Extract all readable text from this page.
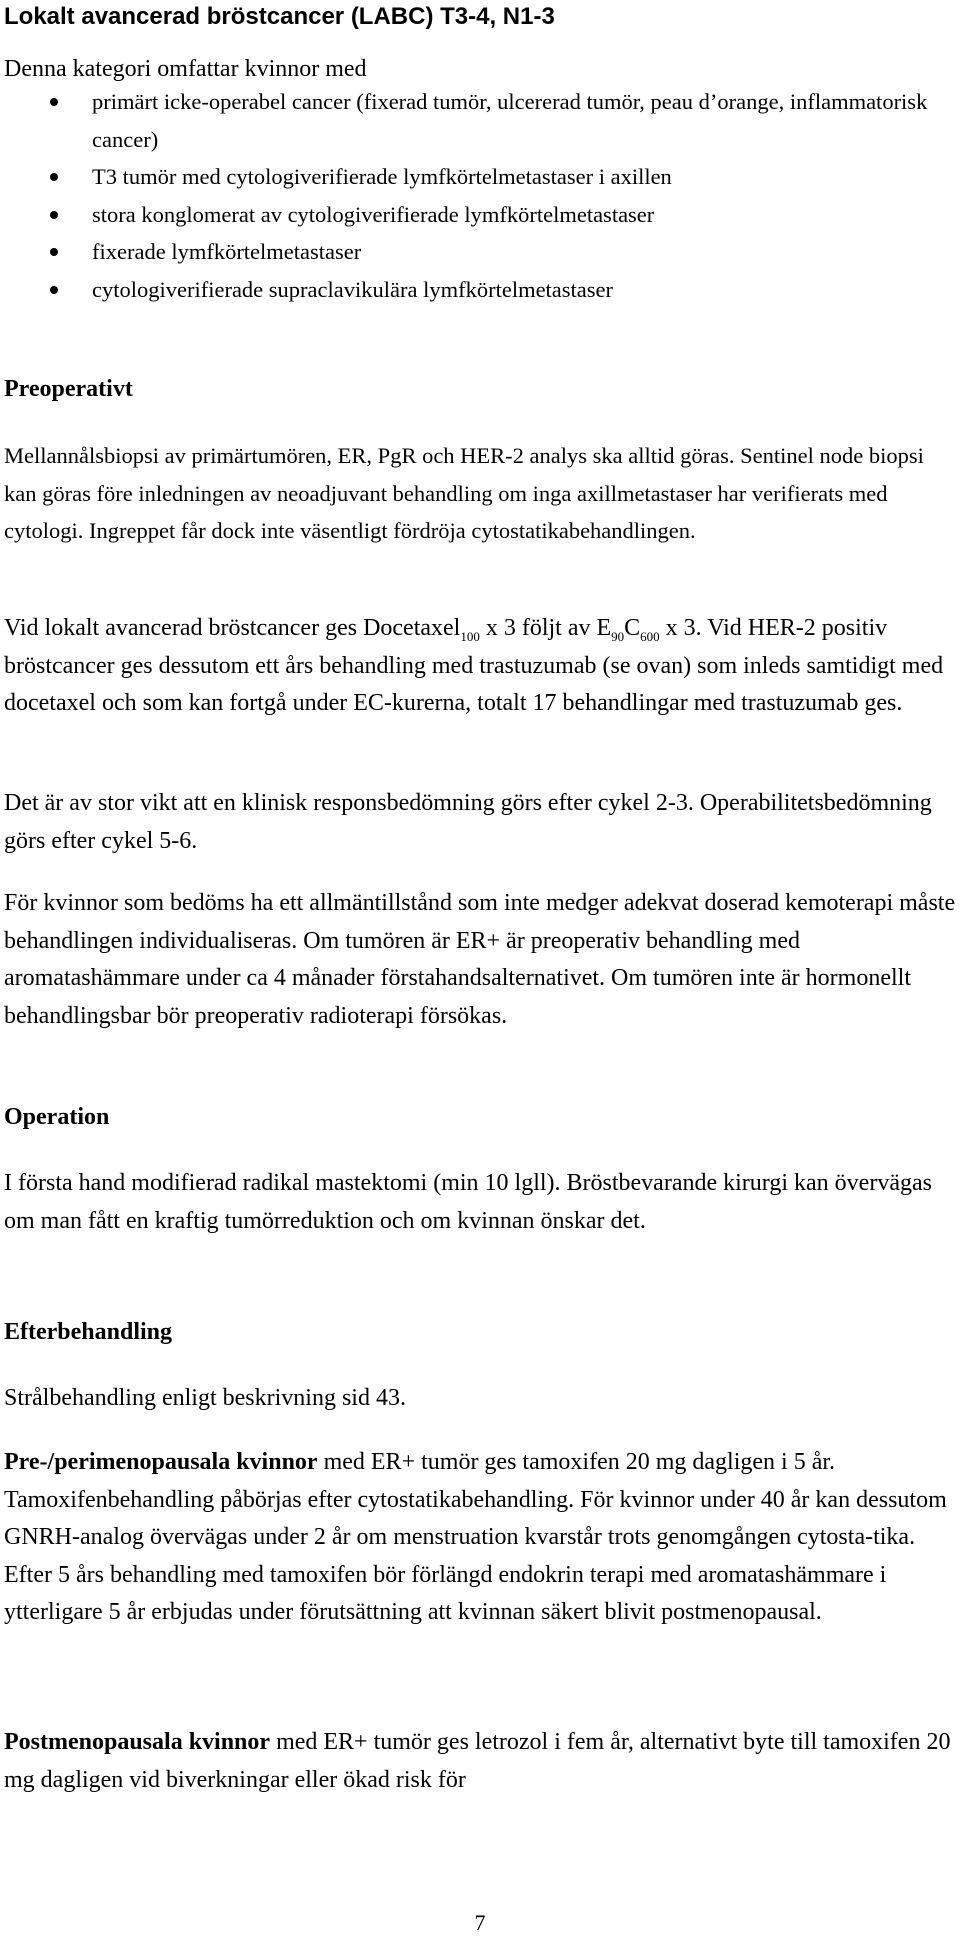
Lokalt avancerad bröstcancer (LABC) T3-4, N1-3
Denna kategori omfattar kvinnor med
primärt icke-operabel cancer (fixerad tumör, ulcererad tumör, peau d’orange, inflammatorisk cancer)
T3 tumör med cytologiverifierade lymfkörtelmetastaser i axillen
stora konglomerat av cytologiverifierade lymfkörtelmetastaser
fixerade lymfkörtelmetastaser
cytologiverifierade supraclavikulära lymfkörtelmetastaser
Preoperativt
Mellannålsbiopsi av primärtumören, ER, PgR och HER-2 analys ska alltid göras. Sentinel node biopsi kan göras före inledningen av neoadjuvant behandling om inga axillmetastaser har verifierats med cytologi. Ingreppet får dock inte väsentligt fördröja cytostatikabehandlingen.
Vid lokalt avancerad bröstcancer ges Docetaxel$_{100}$ x 3 följt av $E_{90}C_{600}$ x 3. Vid HER-2 positiv bröstcancer ges dessutom ett års behandling med trastuzumab (se ovan) som inleds samtidigt med docetaxel och som kan fortgå under EC-kurerna, totalt 17 behandlingar med trastuzumab ges.
Det är av stor vikt att en klinisk responsbedömning görs efter cykel 2-3. Operabilitetsbedömning görs efter cykel 5-6.
För kvinnor som bedöms ha ett allmäntillstånd som inte medger adekvat doserad kemoterapi måste behandlingen individualiseras. Om tumören är ER+ är preoperativ behandling med aromatashämmare under ca 4 månader förstahandsalternativet. Om tumören inte är hormonellt behandlingsbar bör preoperativ radioterapi försökas.
Operation
I första hand modifierad radikal mastektomi (min 10 lgll). Bröstbevarande kirurgi kan övervägas om man fått en kraftig tumörreduktion och om kvinnan önskar det.
Efterbehandling
Strålbehandling enligt beskrivning sid 43.
Pre-/perimenopausala kvinnor med ER+ tumör ges tamoxifen 20 mg dagligen i 5 år. Tamoxifenbehandling påbörjas efter cytostatikabehandling. För kvinnor under 40 år kan dessutom GNRH-analog övervägas under 2 år om menstruation kvarstår trots genomgången cytosta-tika. Efter 5 års behandling med tamoxifen bör förlängd endokrin terapi med aromatashämmare i ytterligare 5 år erbjudas under förutsättning att kvinnan säkert blivit postmenopausal.
Postmenopausala kvinnor med ER+ tumör ges letrozol i fem år, alternativt byte till tamoxifen 20 mg dagligen vid biverkningar eller ökad risk för
7
